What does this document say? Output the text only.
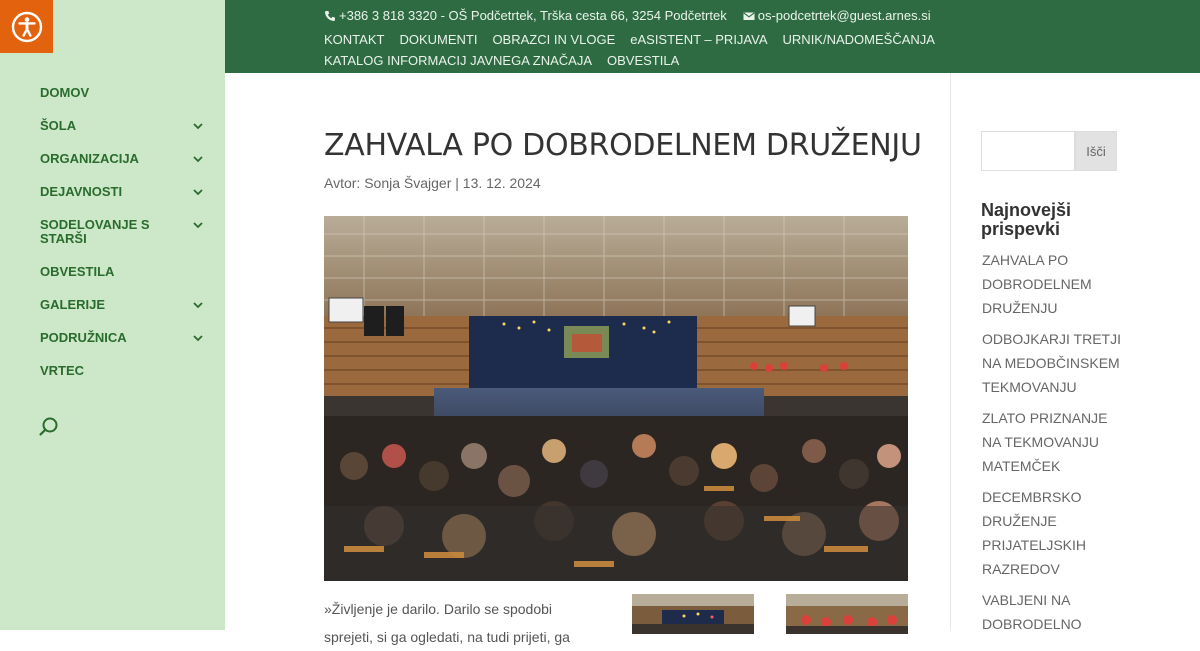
DOMOV
ŠOLA
ORGANIZACIJA
DEJAVNOSTI
SODELOVANJE S STARŠI
OBVESTILA
GALERIJE
PODRUŽNICA
VRTEC
+386 3 818 3320 - OŠ Podčetrtek, Trška cesta 66, 3254 Podčetrtek os-podcetrtek@guest.arnes.si
KONTAKT DOKUMENTI OBRAZCI IN VLOGE eASISTENT – PRIJAVA URNIK/NADOMEŠČANJAKATALOG INFORMACIJ JAVNEGA ZNAČAJA OBVESTILA
ZAHVALA PO DOBRODELNEM DRUŽENJU
Avtor: Sonja Švajger | 13. 12. 2024

»Življenje je darilo. Darilo se spodobi sprejeti, si ga ogledati, na tudi prijeti, ga

Išči
Najnovejši prispevki
ZAHVALA PO DOBRODELNEM DRUŽENJU
ODBOJKARJI TRETJI NA MEDOBČINSKEM TEKMOVANJU
ZLATO PRIZNANJE NA TEKMOVANJU MATEMČEK
DECEMBRSKO DRUŽENJE PRIJATELJSKIH RAZREDOV
VABLJENI NA DOBRODELNO
